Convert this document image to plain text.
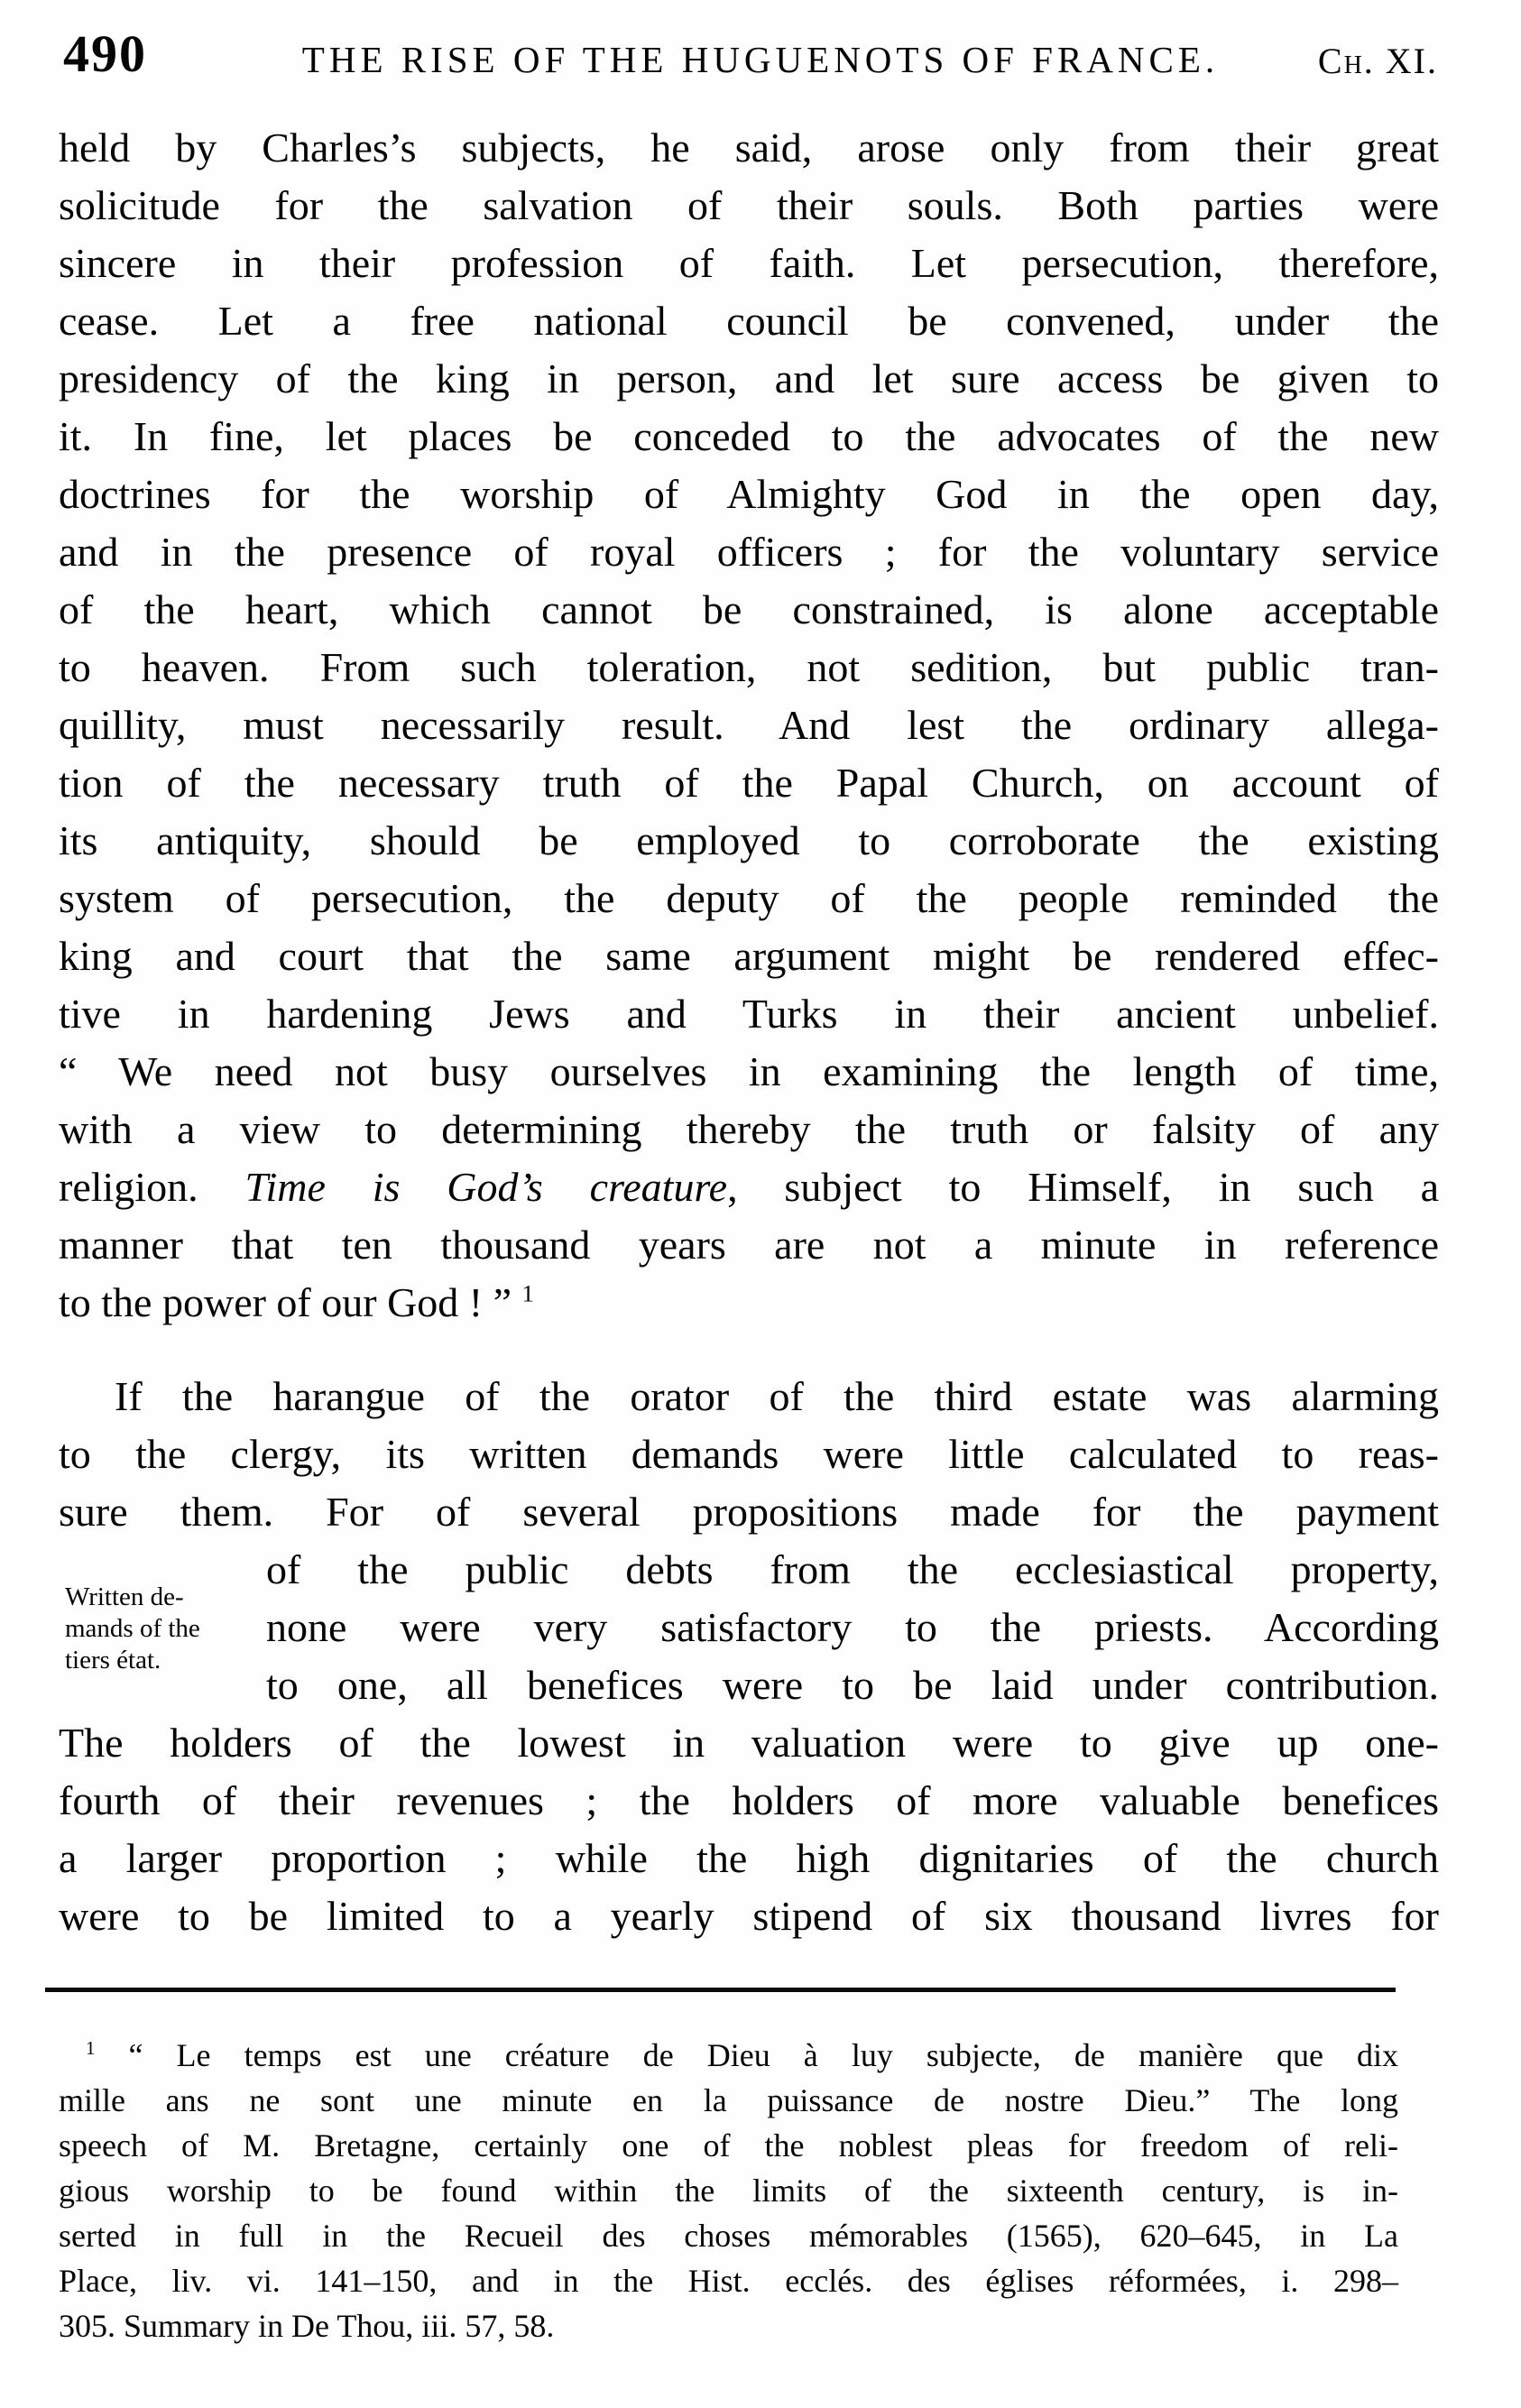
490	THE RISE OF THE HUGUENOTS OF FRANCE.	Ch. XI.
held by Charles’s subjects, he said, arose only from their great
solicitude for the salvation of their souls. Both parties were
sincere in their profession of faith. Let persecution, therefore,
cease. Let a free national council be convened, under the
presidency of the king in person, and let sure access be given to
it. In fine, let places be conceded to the advocates of the new
doctrines for the worship of Almighty God in the open day,
and in the presence of royal officers ; for the voluntary service
of the heart, which cannot be constrained, is alone acceptable
to heaven. From such toleration, not sedition, but public tran-
quillity, must necessarily result. And lest the ordinary allega-
tion of the necessary truth of the Papal Church, on account of
its antiquity, should be employed to corroborate the existing
system of persecution, the deputy of the people reminded the
king and court that the same argument might be rendered effec-
tive in hardening Jews and Turks in their ancient unbelief.
“ We need not busy ourselves in examining the length of time,
with a view to determining thereby the truth or falsity of any
religion. Time is God’s creature, subject to Himself, in such a
manner that ten thousand years are not a minute in reference
to the power of our God ! ” $^1$
If the harangue of the orator of the third estate was alarming
to the clergy, its written demands were little calculated to reas-
sure them. For of several propositions made for the payment
of the public debts from the ecclesiastical property,
none were very satisfactory to the priests. According
to one, all benefices were to be laid under contribution.
The holders of the lowest in valuation were to give up one-
fourth of their revenues ; the holders of more valuable benefices
a larger proportion ; while the high dignitaries of the church
were to be limited to a yearly stipend of six thousand livres for
Written de-
mands of the
tiers état.
$^1$ “ Le temps est une créature de Dieu à luy subjecte, de manière que dix
mille ans ne sont une minute en la puissance de nostre Dieu.” The long
speech of M. Bretagne, certainly one of the noblest pleas for freedom of reli-
gious worship to be found within the limits of the sixteenth century, is in-
serted in full in the Recueil des choses mémorables (1565), 620–645, in La
Place, liv. vi. 141–150, and in the Hist. ecclés. des églises réformées, i. 298–
305. Summary in De Thou, iii. 57, 58.
